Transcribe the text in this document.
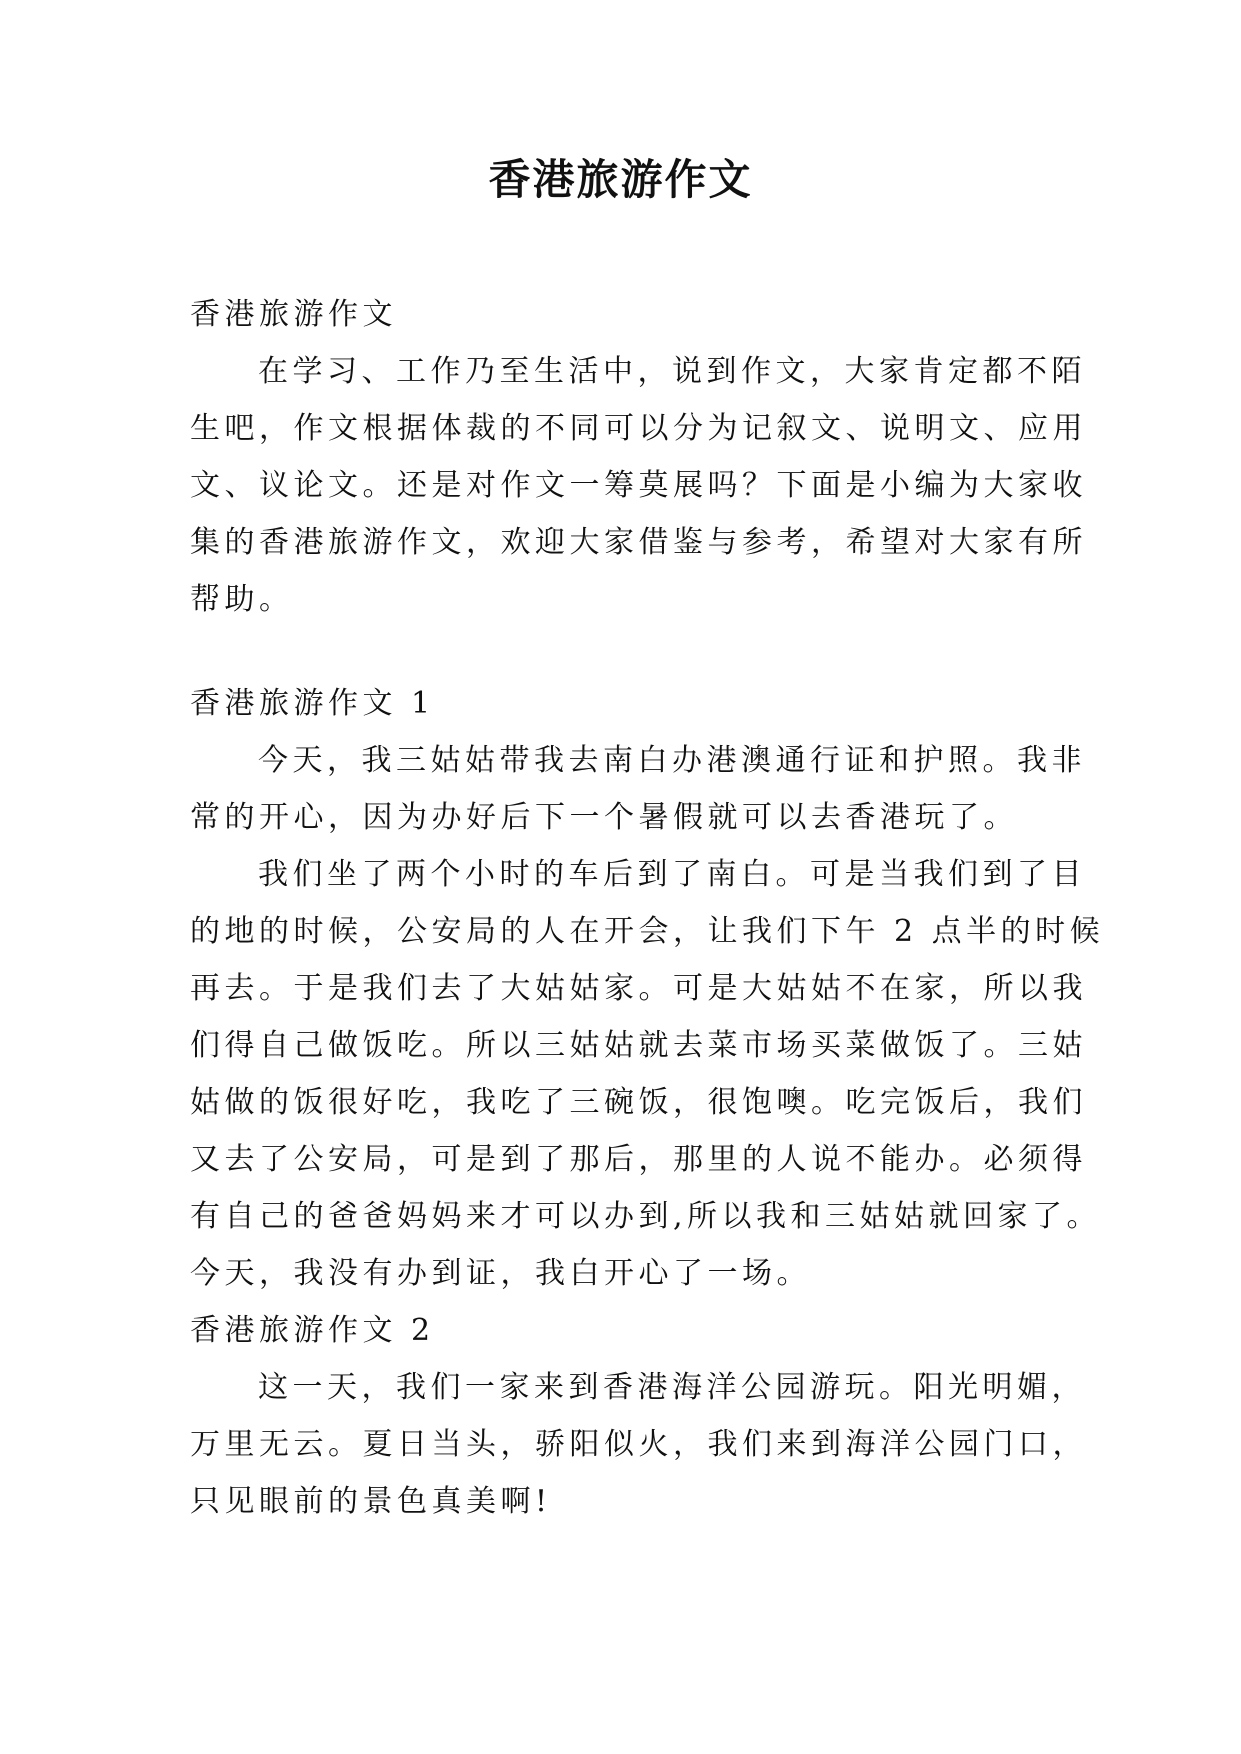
香港旅游作文

香港旅游作文

在学习、工作乃至生活中，说到作文，大家肯定都不陌

生吧，作文根据体裁的不同可以分为记叙文、说明文、应用

文、议论文。还是对作文一筹莫展吗？下面是小编为大家收

集的香港旅游作文，欢迎大家借鉴与参考，希望对大家有所

帮助。

香港旅游作文 1

今天，我三姑姑带我去南白办港澳通行证和护照。我非

常的开心，因为办好后下一个暑假就可以去香港玩了。

我们坐了两个小时的车后到了南白。可是当我们到了目

的地的时候，公安局的人在开会，让我们下午 2 点半的时候

再去。于是我们去了大姑姑家。可是大姑姑不在家，所以我

们得自己做饭吃。所以三姑姑就去菜市场买菜做饭了。三姑

姑做的饭很好吃，我吃了三碗饭，很饱噢。吃完饭后，我们

又去了公安局，可是到了那后，那里的人说不能办。必须得

有自己的爸爸妈妈来才可以办到,所以我和三姑姑就回家了。

今天，我没有办到证，我白开心了一场。

香港旅游作文 2

这一天，我们一家来到香港海洋公园游玩。阳光明媚，

万里无云。夏日当头，骄阳似火，我们来到海洋公园门口，

只见眼前的景色真美啊!
